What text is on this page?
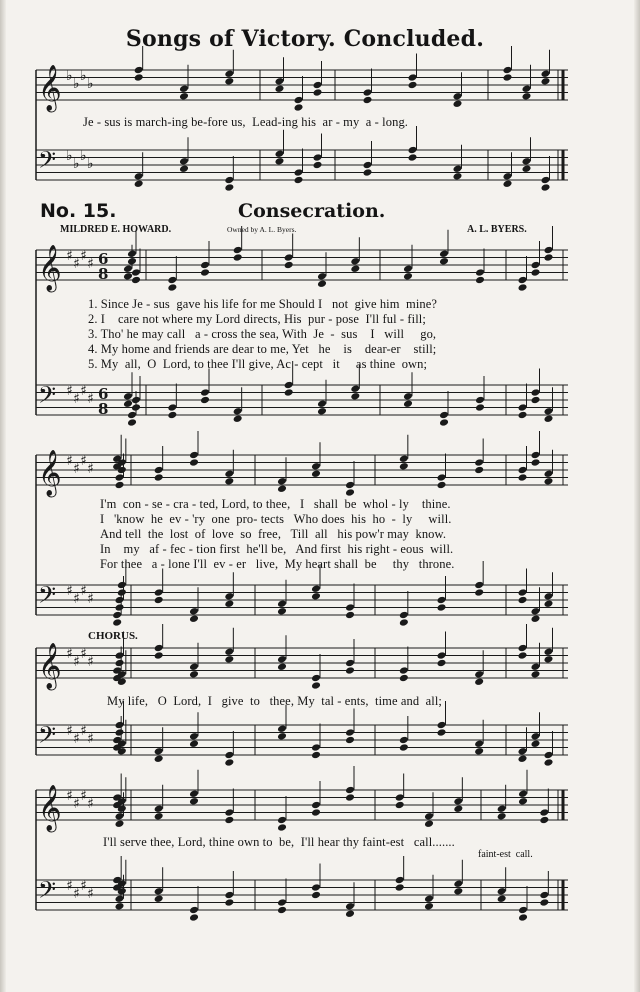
Songs of Victory. Concluded.
No. 15.	Consecration.
MILDRED E. HOWARD.	Owned by A. L. Byers.	A. L. BYERS.
Je - sus is march-ing be-fore us,  Lead-ing his  ar - my  a - long.
1. Since Je - sus  gave his life for me Should I   not  give him  mine?
2. I    care not where my Lord directs, His  pur - pose  I'll ful - fill;
3. Tho' he may call   a - cross the sea, With  Je  -  sus    I   will     go,
4. My home and friends are dear to me, Yet   he    is    dear-er    still;
5. My  all,  O  Lord, to thee I'll give, Ac - cept   it     as thine  own;
I'm  con - se - cra - ted, Lord, to thee,   I   shall  be  whol - ly    thine.
I   'know  he  ev - 'ry  one  pro- tects   Who does  his  ho  -  ly     will.
And tell  the  lost  of  love  so  free,   Till  all   his pow'r may  know.
In    my   af - fec - tion first  he'll be,   And first  his right - eous  will.
For thee   a - lone I'll  ev - er   live,  My heart shall  be     thy   throne.
CHORUS.
My life,   O  Lord,  I   give  to   thee, My  tal - ents,  time and  all;
I'll serve thee, Lord, thine own to  be,  I'll hear thy faint-est   call.......
faint-est  call.
𝄞 ♭ ♭ ♭ ♭
𝄢 ♭ ♭ ♭ ♭
𝄞 ♯ ♯ ♯ ♯ 6
8
𝄢 ♯ ♯ ♯ ♯ 6
8
𝄞 ♯ ♯ ♯ ♯
𝄢 ♯ ♯ ♯ ♯
𝄞 ♯ ♯ ♯ ♯
𝄢 ♯ ♯ ♯ ♯
𝄞 ♯ ♯ ♯ ♯
𝄢 ♯ ♯ ♯ ♯
